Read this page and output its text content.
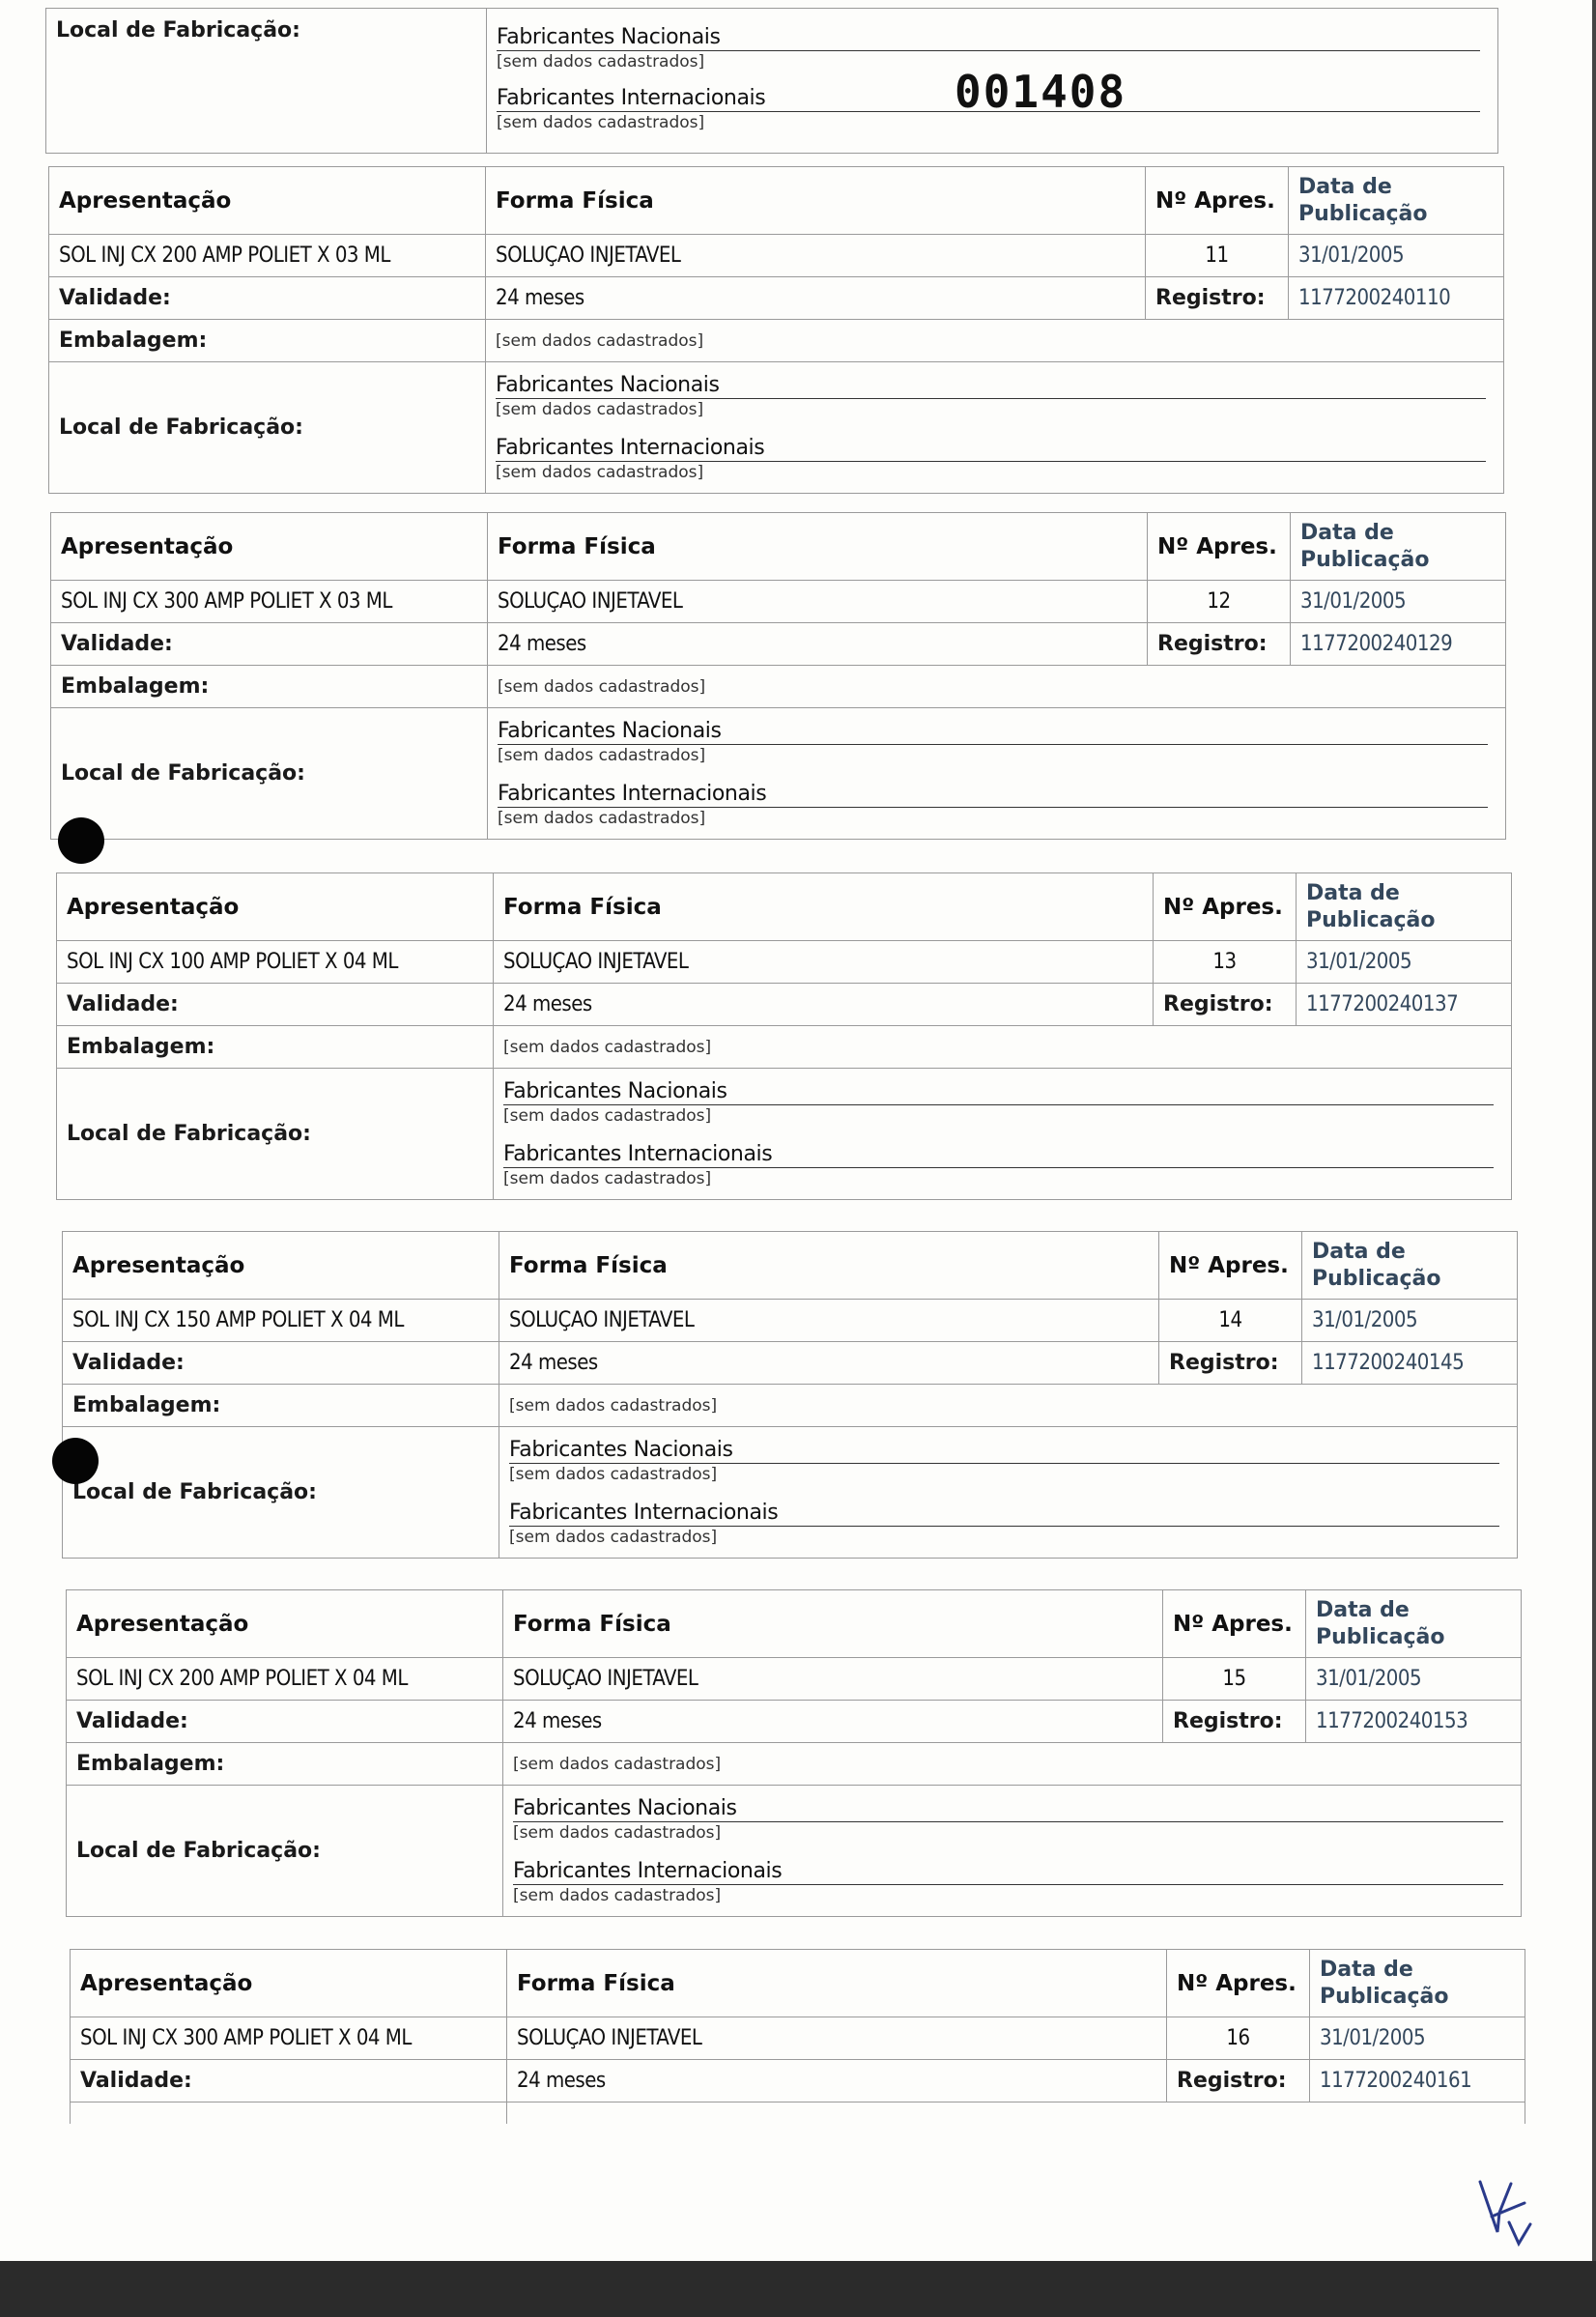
Local de Fabricação:	Fabricantes Nacionais
[sem dados cadastrados]
Fabricantes Internacionais
[sem dados cadastrados]
001408
Apresentação	Forma Física	Nº Apres.	Data de Publicação
SOL INJ CX 200 AMP POLIET X 03 ML	SOLUÇAO INJETAVEL	11	31/01/2005
Validade:	24 meses	Registro:	1177200240110
Embalagem:	[sem dados cadastrados]		
Local de Fabricação:	Fabricantes Nacionais
[sem dados cadastrados]
Fabricantes Internacionais
[sem dados cadastrados]		
Apresentação	Forma Física	Nº Apres.	Data de Publicação
SOL INJ CX 300 AMP POLIET X 03 ML	SOLUÇAO INJETAVEL	12	31/01/2005
Validade:	24 meses	Registro:	1177200240129
Embalagem:	[sem dados cadastrados]		
Local de Fabricação:	Fabricantes Nacionais
[sem dados cadastrados]
Fabricantes Internacionais
[sem dados cadastrados]		
Apresentação	Forma Física	Nº Apres.	Data de Publicação
SOL INJ CX 100 AMP POLIET X 04 ML	SOLUÇAO INJETAVEL	13	31/01/2005
Validade:	24 meses	Registro:	1177200240137
Embalagem:	[sem dados cadastrados]		
Local de Fabricação:	Fabricantes Nacionais
[sem dados cadastrados]
Fabricantes Internacionais
[sem dados cadastrados]		
Apresentação	Forma Física	Nº Apres.	Data de Publicação
SOL INJ CX 150 AMP POLIET X 04 ML	SOLUÇAO INJETAVEL	14	31/01/2005
Validade:	24 meses	Registro:	1177200240145
Embalagem:	[sem dados cadastrados]		
Local de Fabricação:	Fabricantes Nacionais
[sem dados cadastrados]
Fabricantes Internacionais
[sem dados cadastrados]		
Apresentação	Forma Física	Nº Apres.	Data de Publicação
SOL INJ CX 200 AMP POLIET X 04 ML	SOLUÇAO INJETAVEL	15	31/01/2005
Validade:	24 meses	Registro:	1177200240153
Embalagem:	[sem dados cadastrados]		
Local de Fabricação:	Fabricantes Nacionais
[sem dados cadastrados]
Fabricantes Internacionais
[sem dados cadastrados]		
Apresentação	Forma Física	Nº Apres.	Data de Publicação
SOL INJ CX 300 AMP POLIET X 04 ML	SOLUÇAO INJETAVEL	16	31/01/2005
Validade:	24 meses	Registro:	1177200240161
